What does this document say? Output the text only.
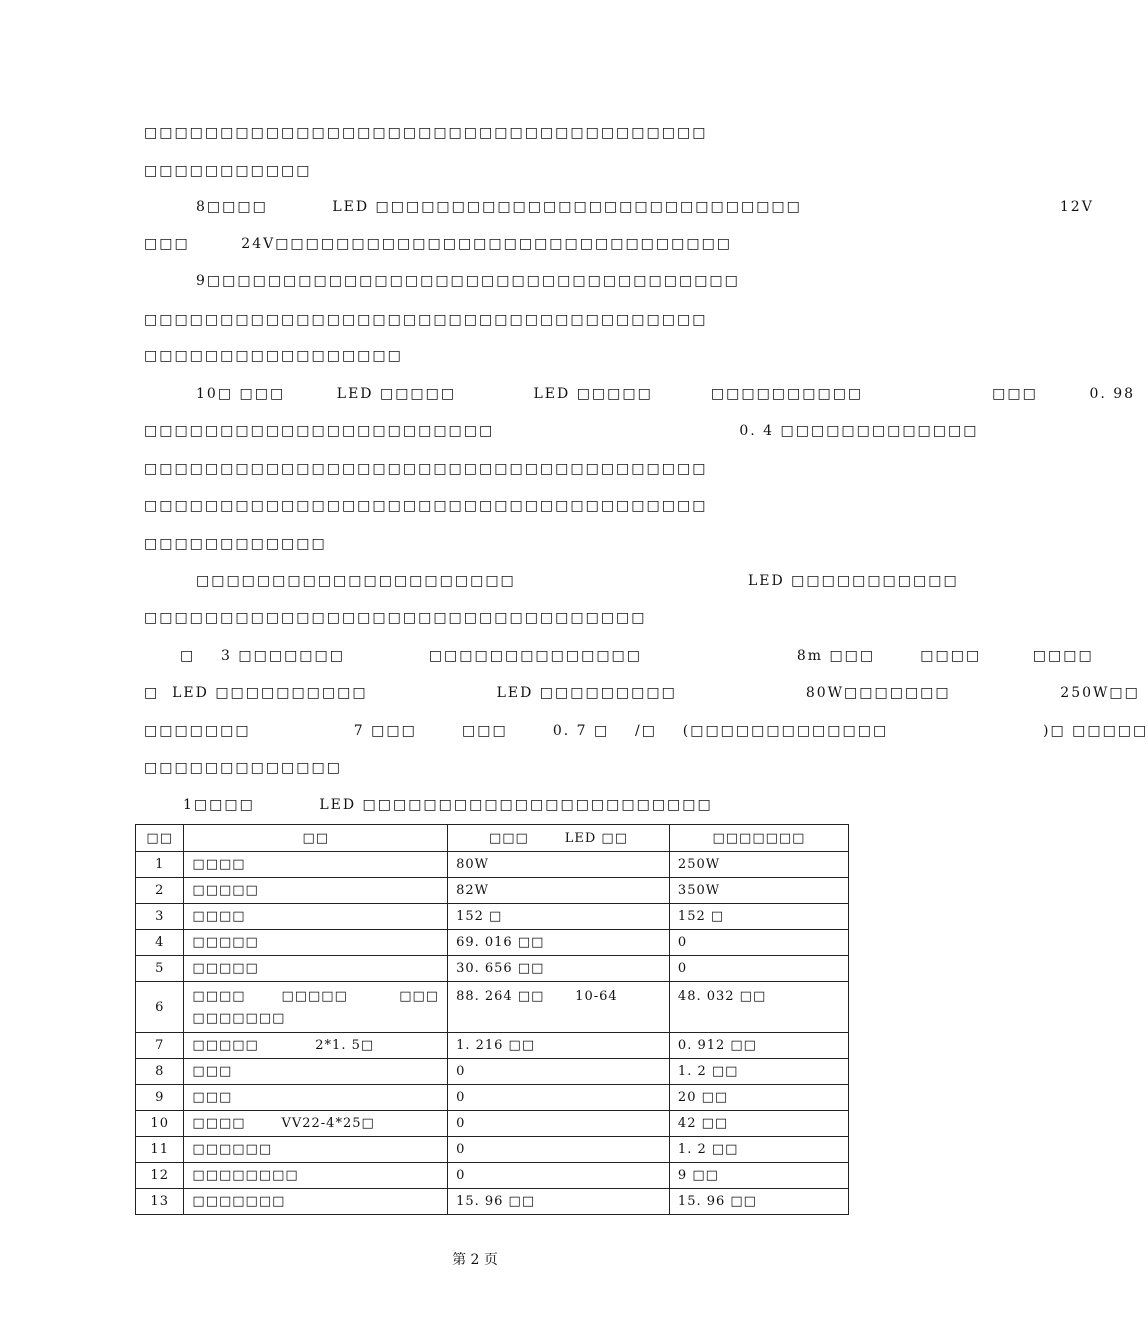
□□□□□□□□□□□□□□□□□□□□□□□□□□□□□□□□□□□□□
□□□□□□□□□□□
8□□□□          LED □□□□□□□□□□□□□□□□□□□□□□□□□□□□                                        12V
□□□        24V□□□□□□□□□□□□□□□□□□□□□□□□□□□□□□
9□□□□□□□□□□□□□□□□□□□□□□□□□□□□□□□□□□□
□□□□□□□□□□□□□□□□□□□□□□□□□□□□□□□□□□□□□
□□□□□□□□□□□□□□□□□
10□ □□□        LED □□□□□            LED □□□□□         □□□□□□□□□□                    □□□        0. 98
□□□□□□□□□□□□□□□□□□□□□□□                                      0. 4 □□□□□□□□□□□□□
□□□□□□□□□□□□□□□□□□□□□□□□□□□□□□□□□□□□□
□□□□□□□□□□□□□□□□□□□□□□□□□□□□□□□□□□□□□
□□□□□□□□□□□□
□□□□□□□□□□□□□□□□□□□□□                                    LED □□□□□□□□□□□
□□□□□□□□□□□□□□□□□□□□□□□□□□□□□□□□□
□    3 □□□□□□□             □□□□□□□□□□□□□□                        8m □□□       □□□□        □□□□
□  LED □□□□□□□□□□                    LED □□□□□□□□□                    80W□□□□□□□                 250W□□
□□□□□□□                7 □□□       □□□       0. 7 □    /□    (□□□□□□□□□□□□□                        )□ □□□□□
□□□□□□□□□□□□□
1□□□□          LED □□□□□□□□□□□□□□□□□□□□□□□
□□	□□	□□□       LED □□	□□□□□□□
1	□□□□	80W	250W
2	□□□□□	82W	350W
3	□□□□	152 □	152 □
4	□□□□□	69. 016 □□	0
5	□□□□□	30. 656 □□	0
6	□□□□       □□□□□          □□□
□□□□□□□	88. 264 □□      10-64	48. 032 □□
7	□□□□□           2*1. 5□	1. 216 □□	0. 912 □□
8	□□□	0	1. 2 □□
9	□□□	0	20 □□
10	□□□□       VV22-4*25□	0	42 □□
11	□□□□□□	0	1. 2 □□
12	□□□□□□□□	0	9 □□
13	□□□□□□□	15. 96 □□	15. 96 □□
第 2 页
